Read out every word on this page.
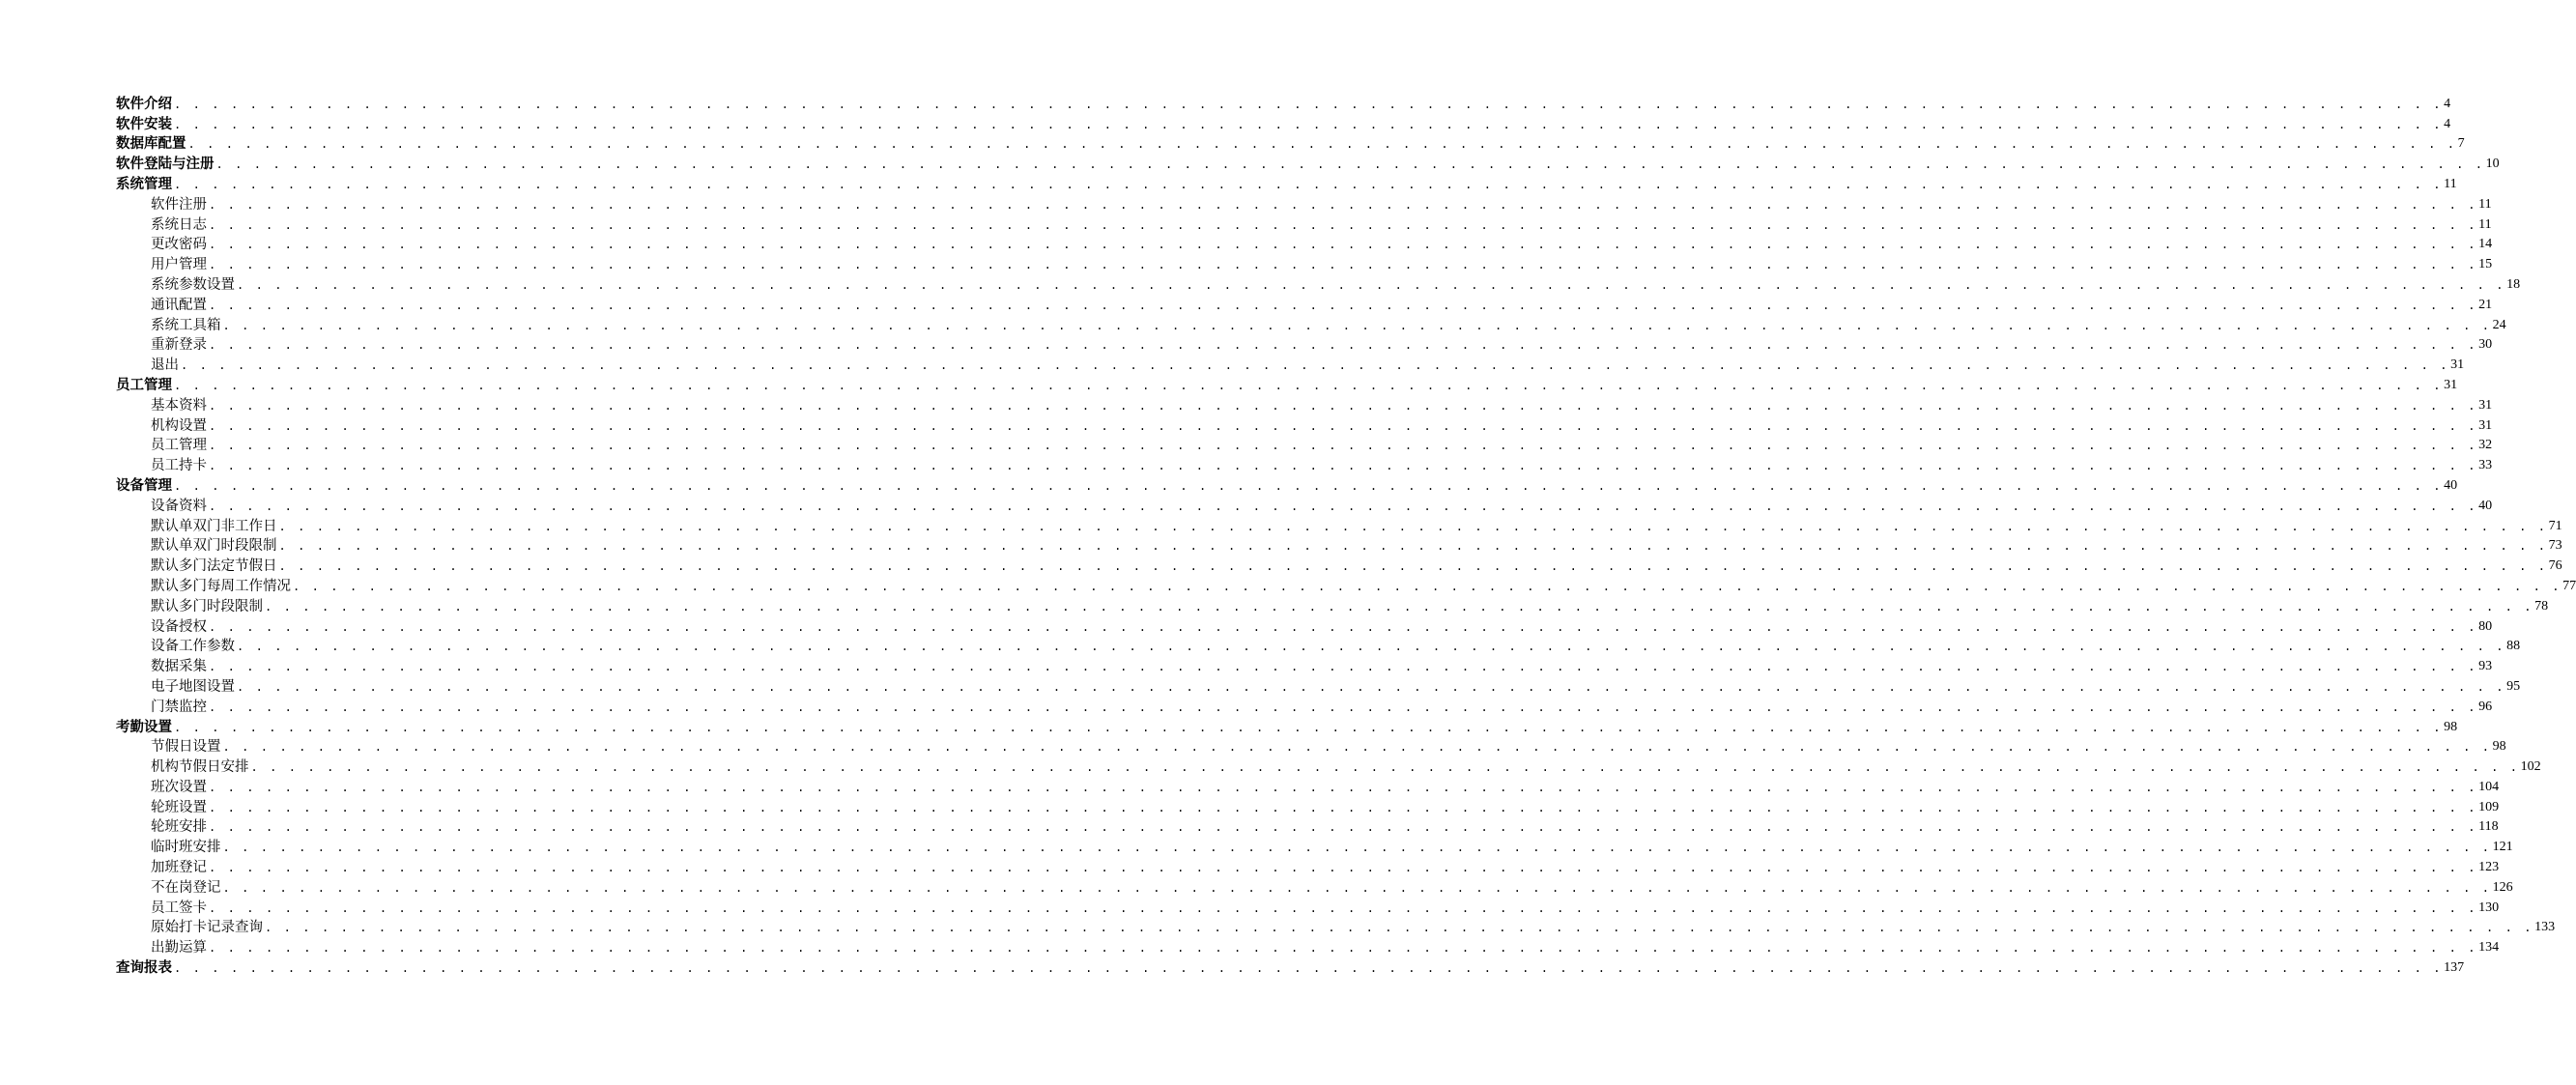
软件介绍 . . . . . . . . . . . . . . . . . . . . . . . . . . . . . . . . . . . . . . . . . . . . . . . . . . . . . . . . . . . . . . . . . . . . . . . . . . . . . . . . . . . . . . . . . . . . . . . . . . . . . . . . . . . . . . . . . . . . . . . . 4
软件安装 . . . . . . . . . . . . . . . . . . . . . . . . . . . . . . . . . . . . . . . . . . . . . . . . . . . . . . . . . . . . . . . . . . . . . . . . . . . . . . . . . . . . . . . . . . . . . . . . . . . . . . . . . . . . . . . . . . . . . . . . 4
数据库配置 . . . . . . . . . . . . . . . . . . . . . . . . . . . . . . . . . . . . . . . . . . . . . . . . . . . . . . . . . . . . . . . . . . . . . . . . . . . . . . . . . . . . . . . . . . . . . . . . . . . . . . . . . . . . . . . . . . . . . . . . 7
软件登陆与注册 . . . . . . . . . . . . . . . . . . . . . . . . . . . . . . . . . . . . . . . . . . . . . . . . . . . . . . . . . . . . . . . . . . . . . . . . . . . . . . . . . . . . . . . . . . . . . . . . . . . . . . . . . . . . . . . . . . . . . . . . 10
系统管理 . . . . . . . . . . . . . . . . . . . . . . . . . . . . . . . . . . . . . . . . . . . . . . . . . . . . . . . . . . . . . . . . . . . . . . . . . . . . . . . . . . . . . . . . . . . . . . . . . . . . . . . . . . . . . . . . . . . . . . . . 11
软件注册 . . . . . . . . . . . . . . . . . . . . . . . . . . . . . . . . . . . . . . . . . . . . . . . . . . . . . . . . . . . . . . . . . . . . . . . . . . . . . . . . . . . . . . . . . . . . . . . . . . . . . . . . . . . . . . . . . . . . . . . . 11
系统日志 . . . . . . . . . . . . . . . . . . . . . . . . . . . . . . . . . . . . . . . . . . . . . . . . . . . . . . . . . . . . . . . . . . . . . . . . . . . . . . . . . . . . . . . . . . . . . . . . . . . . . . . . . . . . . . . . . . . . . . . . 11
更改密码 . . . . . . . . . . . . . . . . . . . . . . . . . . . . . . . . . . . . . . . . . . . . . . . . . . . . . . . . . . . . . . . . . . . . . . . . . . . . . . . . . . . . . . . . . . . . . . . . . . . . . . . . . . . . . . . . . . . . . . . . 14
用户管理 . . . . . . . . . . . . . . . . . . . . . . . . . . . . . . . . . . . . . . . . . . . . . . . . . . . . . . . . . . . . . . . . . . . . . . . . . . . . . . . . . . . . . . . . . . . . . . . . . . . . . . . . . . . . . . . . . . . . . . . . 15
系统参数设置 . . . . . . . . . . . . . . . . . . . . . . . . . . . . . . . . . . . . . . . . . . . . . . . . . . . . . . . . . . . . . . . . . . . . . . . . . . . . . . . . . . . . . . . . . . . . . . . . . . . . . . . . . . . . . . . . . . . . . . . . 18
通讯配置 . . . . . . . . . . . . . . . . . . . . . . . . . . . . . . . . . . . . . . . . . . . . . . . . . . . . . . . . . . . . . . . . . . . . . . . . . . . . . . . . . . . . . . . . . . . . . . . . . . . . . . . . . . . . . . . . . . . . . . . . 21
系统工具箱 . . . . . . . . . . . . . . . . . . . . . . . . . . . . . . . . . . . . . . . . . . . . . . . . . . . . . . . . . . . . . . . . . . . . . . . . . . . . . . . . . . . . . . . . . . . . . . . . . . . . . . . . . . . . . . . . . . . . . . . . 24
重新登录 . . . . . . . . . . . . . . . . . . . . . . . . . . . . . . . . . . . . . . . . . . . . . . . . . . . . . . . . . . . . . . . . . . . . . . . . . . . . . . . . . . . . . . . . . . . . . . . . . . . . . . . . . . . . . . . . . . . . . . . . 30
退出 . . . . . . . . . . . . . . . . . . . . . . . . . . . . . . . . . . . . . . . . . . . . . . . . . . . . . . . . . . . . . . . . . . . . . . . . . . . . . . . . . . . . . . . . . . . . . . . . . . . . . . . . . . . . . . . . . . . . . . . . 31
员工管理 . . . . . . . . . . . . . . . . . . . . . . . . . . . . . . . . . . . . . . . . . . . . . . . . . . . . . . . . . . . . . . . . . . . . . . . . . . . . . . . . . . . . . . . . . . . . . . . . . . . . . . . . . . . . . . . . . . . . . . . . 31
基本资料 . . . . . . . . . . . . . . . . . . . . . . . . . . . . . . . . . . . . . . . . . . . . . . . . . . . . . . . . . . . . . . . . . . . . . . . . . . . . . . . . . . . . . . . . . . . . . . . . . . . . . . . . . . . . . . . . . . . . . . . . 31
机构设置 . . . . . . . . . . . . . . . . . . . . . . . . . . . . . . . . . . . . . . . . . . . . . . . . . . . . . . . . . . . . . . . . . . . . . . . . . . . . . . . . . . . . . . . . . . . . . . . . . . . . . . . . . . . . . . . . . . . . . . . . 31
员工管理 . . . . . . . . . . . . . . . . . . . . . . . . . . . . . . . . . . . . . . . . . . . . . . . . . . . . . . . . . . . . . . . . . . . . . . . . . . . . . . . . . . . . . . . . . . . . . . . . . . . . . . . . . . . . . . . . . . . . . . . . 32
员工持卡 . . . . . . . . . . . . . . . . . . . . . . . . . . . . . . . . . . . . . . . . . . . . . . . . . . . . . . . . . . . . . . . . . . . . . . . . . . . . . . . . . . . . . . . . . . . . . . . . . . . . . . . . . . . . . . . . . . . . . . . . 33
设备管理 . . . . . . . . . . . . . . . . . . . . . . . . . . . . . . . . . . . . . . . . . . . . . . . . . . . . . . . . . . . . . . . . . . . . . . . . . . . . . . . . . . . . . . . . . . . . . . . . . . . . . . . . . . . . . . . . . . . . . . . . 40
设备资料 . . . . . . . . . . . . . . . . . . . . . . . . . . . . . . . . . . . . . . . . . . . . . . . . . . . . . . . . . . . . . . . . . . . . . . . . . . . . . . . . . . . . . . . . . . . . . . . . . . . . . . . . . . . . . . . . . . . . . . . . 40
默认单双门非工作日 . . . . . . . . . . . . . . . . . . . . . . . . . . . . . . . . . . . . . . . . . . . . . . . . . . . . . . . . . . . . . . . . . . . . . . . . . . . . . . . . . . . . . . . . . . . . . . . . . . . . . . . . . . . . . . . . . . . . . . . . 71
默认单双门时段限制 . . . . . . . . . . . . . . . . . . . . . . . . . . . . . . . . . . . . . . . . . . . . . . . . . . . . . . . . . . . . . . . . . . . . . . . . . . . . . . . . . . . . . . . . . . . . . . . . . . . . . . . . . . . . . . . . . . . . . . . . 73
默认多门法定节假日 . . . . . . . . . . . . . . . . . . . . . . . . . . . . . . . . . . . . . . . . . . . . . . . . . . . . . . . . . . . . . . . . . . . . . . . . . . . . . . . . . . . . . . . . . . . . . . . . . . . . . . . . . . . . . . . . . . . . . . . . 76
默认多门每周工作情况 . . . . . . . . . . . . . . . . . . . . . . . . . . . . . . . . . . . . . . . . . . . . . . . . . . . . . . . . . . . . . . . . . . . . . . . . . . . . . . . . . . . . . . . . . . . . . . . . . . . . . . . . . . . . . . . . . . . . . . . . 77
默认多门时段限制 . . . . . . . . . . . . . . . . . . . . . . . . . . . . . . . . . . . . . . . . . . . . . . . . . . . . . . . . . . . . . . . . . . . . . . . . . . . . . . . . . . . . . . . . . . . . . . . . . . . . . . . . . . . . . . . . . . . . . . . . 78
设备授权 . . . . . . . . . . . . . . . . . . . . . . . . . . . . . . . . . . . . . . . . . . . . . . . . . . . . . . . . . . . . . . . . . . . . . . . . . . . . . . . . . . . . . . . . . . . . . . . . . . . . . . . . . . . . . . . . . . . . . . . . 80
设备工作参数 . . . . . . . . . . . . . . . . . . . . . . . . . . . . . . . . . . . . . . . . . . . . . . . . . . . . . . . . . . . . . . . . . . . . . . . . . . . . . . . . . . . . . . . . . . . . . . . . . . . . . . . . . . . . . . . . . . . . . . . . 88
数据采集 . . . . . . . . . . . . . . . . . . . . . . . . . . . . . . . . . . . . . . . . . . . . . . . . . . . . . . . . . . . . . . . . . . . . . . . . . . . . . . . . . . . . . . . . . . . . . . . . . . . . . . . . . . . . . . . . . . . . . . . . 93
电子地图设置 . . . . . . . . . . . . . . . . . . . . . . . . . . . . . . . . . . . . . . . . . . . . . . . . . . . . . . . . . . . . . . . . . . . . . . . . . . . . . . . . . . . . . . . . . . . . . . . . . . . . . . . . . . . . . . . . . . . . . . . . 95
门禁监控 . . . . . . . . . . . . . . . . . . . . . . . . . . . . . . . . . . . . . . . . . . . . . . . . . . . . . . . . . . . . . . . . . . . . . . . . . . . . . . . . . . . . . . . . . . . . . . . . . . . . . . . . . . . . . . . . . . . . . . . . 96
考勤设置 . . . . . . . . . . . . . . . . . . . . . . . . . . . . . . . . . . . . . . . . . . . . . . . . . . . . . . . . . . . . . . . . . . . . . . . . . . . . . . . . . . . . . . . . . . . . . . . . . . . . . . . . . . . . . . . . . . . . . . . . 98
节假日设置 . . . . . . . . . . . . . . . . . . . . . . . . . . . . . . . . . . . . . . . . . . . . . . . . . . . . . . . . . . . . . . . . . . . . . . . . . . . . . . . . . . . . . . . . . . . . . . . . . . . . . . . . . . . . . . . . . . . . . . . . 98
机构节假日安排 . . . . . . . . . . . . . . . . . . . . . . . . . . . . . . . . . . . . . . . . . . . . . . . . . . . . . . . . . . . . . . . . . . . . . . . . . . . . . . . . . . . . . . . . . . . . . . . . . . . . . . . . . . . . . . . . . . . . . . . . 102
班次设置 . . . . . . . . . . . . . . . . . . . . . . . . . . . . . . . . . . . . . . . . . . . . . . . . . . . . . . . . . . . . . . . . . . . . . . . . . . . . . . . . . . . . . . . . . . . . . . . . . . . . . . . . . . . . . . . . . . . . . . . . 104
轮班设置 . . . . . . . . . . . . . . . . . . . . . . . . . . . . . . . . . . . . . . . . . . . . . . . . . . . . . . . . . . . . . . . . . . . . . . . . . . . . . . . . . . . . . . . . . . . . . . . . . . . . . . . . . . . . . . . . . . . . . . . . 109
轮班安排 . . . . . . . . . . . . . . . . . . . . . . . . . . . . . . . . . . . . . . . . . . . . . . . . . . . . . . . . . . . . . . . . . . . . . . . . . . . . . . . . . . . . . . . . . . . . . . . . . . . . . . . . . . . . . . . . . . . . . . . . 118
临时班安排 . . . . . . . . . . . . . . . . . . . . . . . . . . . . . . . . . . . . . . . . . . . . . . . . . . . . . . . . . . . . . . . . . . . . . . . . . . . . . . . . . . . . . . . . . . . . . . . . . . . . . . . . . . . . . . . . . . . . . . . . 121
加班登记 . . . . . . . . . . . . . . . . . . . . . . . . . . . . . . . . . . . . . . . . . . . . . . . . . . . . . . . . . . . . . . . . . . . . . . . . . . . . . . . . . . . . . . . . . . . . . . . . . . . . . . . . . . . . . . . . . . . . . . . . 123
不在岗登记 . . . . . . . . . . . . . . . . . . . . . . . . . . . . . . . . . . . . . . . . . . . . . . . . . . . . . . . . . . . . . . . . . . . . . . . . . . . . . . . . . . . . . . . . . . . . . . . . . . . . . . . . . . . . . . . . . . . . . . . . 126
员工签卡 . . . . . . . . . . . . . . . . . . . . . . . . . . . . . . . . . . . . . . . . . . . . . . . . . . . . . . . . . . . . . . . . . . . . . . . . . . . . . . . . . . . . . . . . . . . . . . . . . . . . . . . . . . . . . . . . . . . . . . . . 130
原始打卡记录查询 . . . . . . . . . . . . . . . . . . . . . . . . . . . . . . . . . . . . . . . . . . . . . . . . . . . . . . . . . . . . . . . . . . . . . . . . . . . . . . . . . . . . . . . . . . . . . . . . . . . . . . . . . . . . . . . . . . . . . . . . 133
出勤运算 . . . . . . . . . . . . . . . . . . . . . . . . . . . . . . . . . . . . . . . . . . . . . . . . . . . . . . . . . . . . . . . . . . . . . . . . . . . . . . . . . . . . . . . . . . . . . . . . . . . . . . . . . . . . . . . . . . . . . . . . 134
查询报表 . . . . . . . . . . . . . . . . . . . . . . . . . . . . . . . . . . . . . . . . . . . . . . . . . . . . . . . . . . . . . . . . . . . . . . . . . . . . . . . . . . . . . . . . . . . . . . . . . . . . . . . . . . . . . . . . . . . . . . . . 137
